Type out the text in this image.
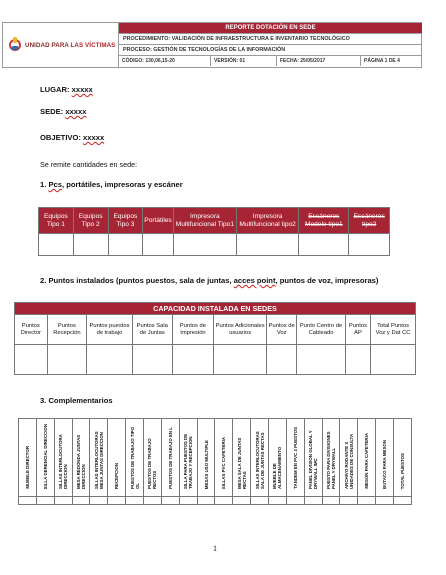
UNIDAD PARA LAS VÍCTIMAS
REPORTE DOTACIÓN EN SEDE
PROCEDIMIENTO: VALIDACIÓN DE INFRAESTRUCTURA E INVENTARIO TECNOLÓGICO
PROCESO: GESTIÓN DE TECNOLOGÍAS DE LA INFORMACIÓN
CÓDIGO: 130,06,15-20	VERSIÓN: 01	FECHA: 25/05/2017	PÁGINA 1 DE 4
LUGAR: xxxxx
SEDE: xxxxx
OBJETIVO: xxxxx
Se remite cantidades en sede:
1. Pcs, portátiles, impresoras y escáner
Equipos Tipo 1	Equipos Tipo 2	Equipos Tipo 3	Portátiles	Impresora Multifuncional Tipo1	Impresora Multifuncional tipo2	Escáneres Modelo tipo1	Escáneres tipo2

2. Puntos instalados (puntos puestos, sala de juntas, acces point, puntos de voz, impresoras)
CAPACIDAD INSTALADA EN SEDES									
Puntos Director	Puntos Recepción	Puntos puestos de trabajo	Puntos Sala de Juntas	Puntos de Impresión	Puntos Adicionales usuarios	Puntos de Voz	Punto Centro de Cableado	Puntos AP	Total Puntos Voz y Dat CC

3. Complementarios
MUEBLE DIRECTOR	SILLA GERENCIAL DIRECCION	SILLAS INTERLOCUTORA DIRECCION	MESA REDONDA JUNTAS DIRECCION	SILLAS INTERLOCUTORAS MESA JUNTAS DIRECCION	RECEPCION	PUESTOS DE TRABAJO TIPO OL	PUESTOS DE TRABAJO RECTOS	PUESTOS DE TRABAJO EN L	SILLA PARA PUESTOS DE TRABAJO Y RECEPCION	MESAS USO MULTIPLE	SILLAS PVC CAFETERIA	MESA SALA DE JUNTAS RECTAS	SILLAS INTERLOCUTORAS SALA DE JUNTAS RECTAS	MUEBLE DE ALMACENAMIENTO	TANDEM EN PVC 3 PUESTOS	PANEL DIVISION GLOBAL Y DRYWALL IMC	PUESTO PARA DIVISIONES PANEL Y DRYWALL	ARCHIVO RODANTE X UNIDADES DE CONSULTA	MESON PARA CAFETERIA	BUTACO PARA MESON	TOTAL PUESTOS

1
